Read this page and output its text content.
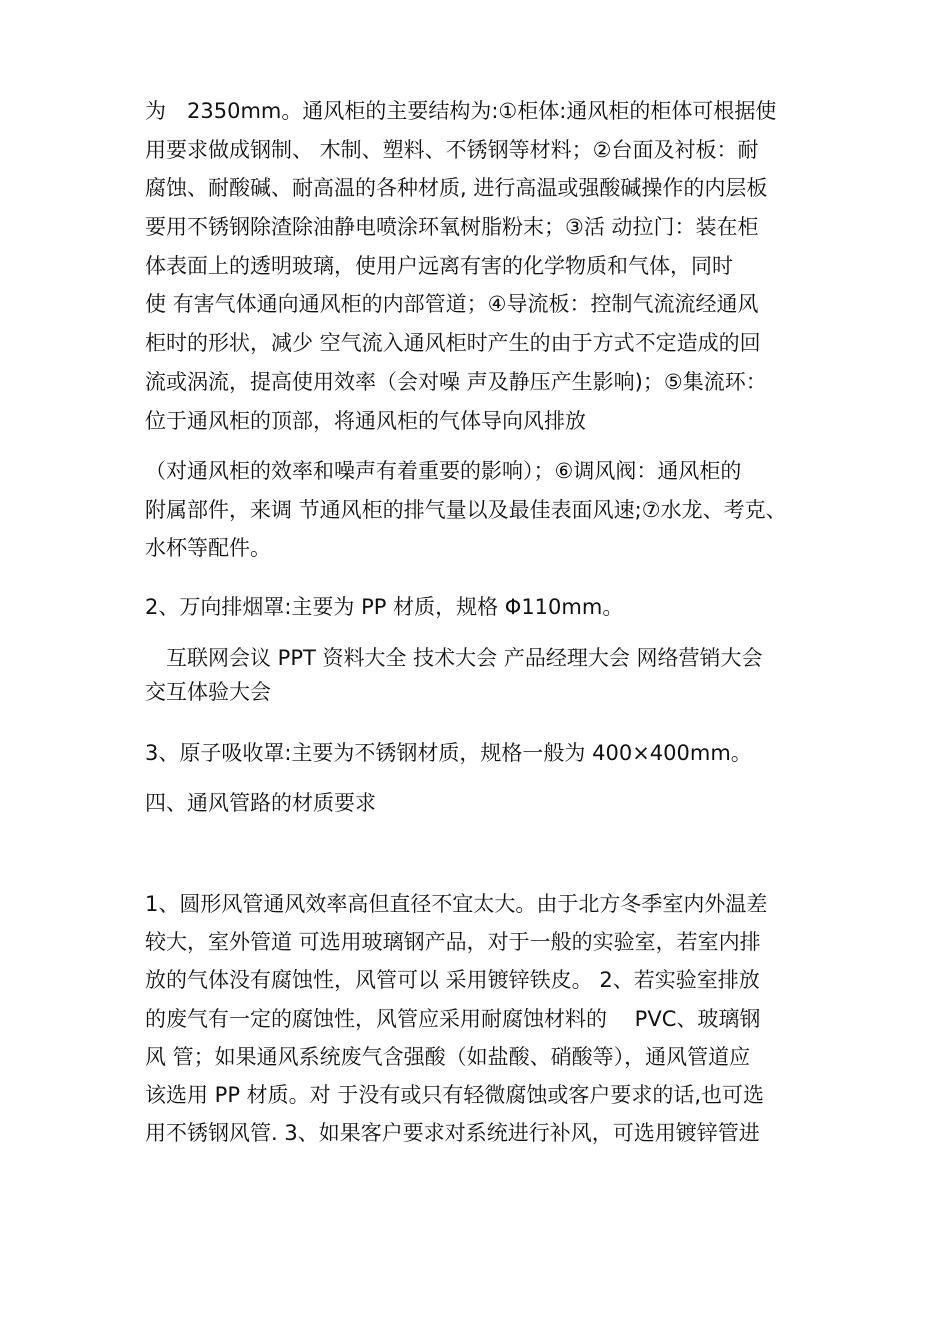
为　2350mm。通风柜的主要结构为:①柜体:通风柜的柜体可根据使
用要求做成钢制、 木制、塑料、不锈钢等材料；②台面及衬板：耐
腐蚀、耐酸碱、耐高温的各种材质, 进行高温或强酸碱操作的内层板
要用不锈钢除渣除油静电喷涂环氧树脂粉末；③活 动拉门：装在柜
体表面上的透明玻璃，使用户远离有害的化学物质和气体，同时
使 有害气体通向通风柜的内部管道；④导流板：控制气流流经通风
柜时的形状，减少 空气流入通风柜时产生的由于方式不定造成的回
流或涡流，提高使用效率（会对噪 声及静压产生影响)；⑤集流环：
位于通风柜的顶部，将通风柜的气体导向风排放
（对通风柜的效率和噪声有着重要的影响）；⑥调风阀：通风柜的
附属部件，来调 节通风柜的排气量以及最佳表面风速;⑦水龙、考克、
水杯等配件。
2、万向排烟罩:主要为 PP 材质，规格 Φ110mm。
　互联网会议 PPT 资料大全 技术大会 产品经理大会 网络营销大会
交互体验大会
3、原子吸收罩:主要为不锈钢材质，规格一般为 400×400mm。
四、通风管路的材质要求
1、圆形风管通风效率高但直径不宜太大。由于北方冬季室内外温差
较大，室外管道 可选用玻璃钢产品，对于一般的实验室，若室内排
放的气体没有腐蚀性，风管可以 采用镀锌铁皮。 2、若实验室排放
的废气有一定的腐蚀性，风管应采用耐腐蚀材料的　 PVC、玻璃钢
风 管；如果通风系统废气含强酸（如盐酸、硝酸等），通风管道应
该选用 PP 材质。对 于没有或只有轻微腐蚀或客户要求的话,也可选
用不锈钢风管. 3、如果客户要求对系统进行补风，可选用镀锌管进
